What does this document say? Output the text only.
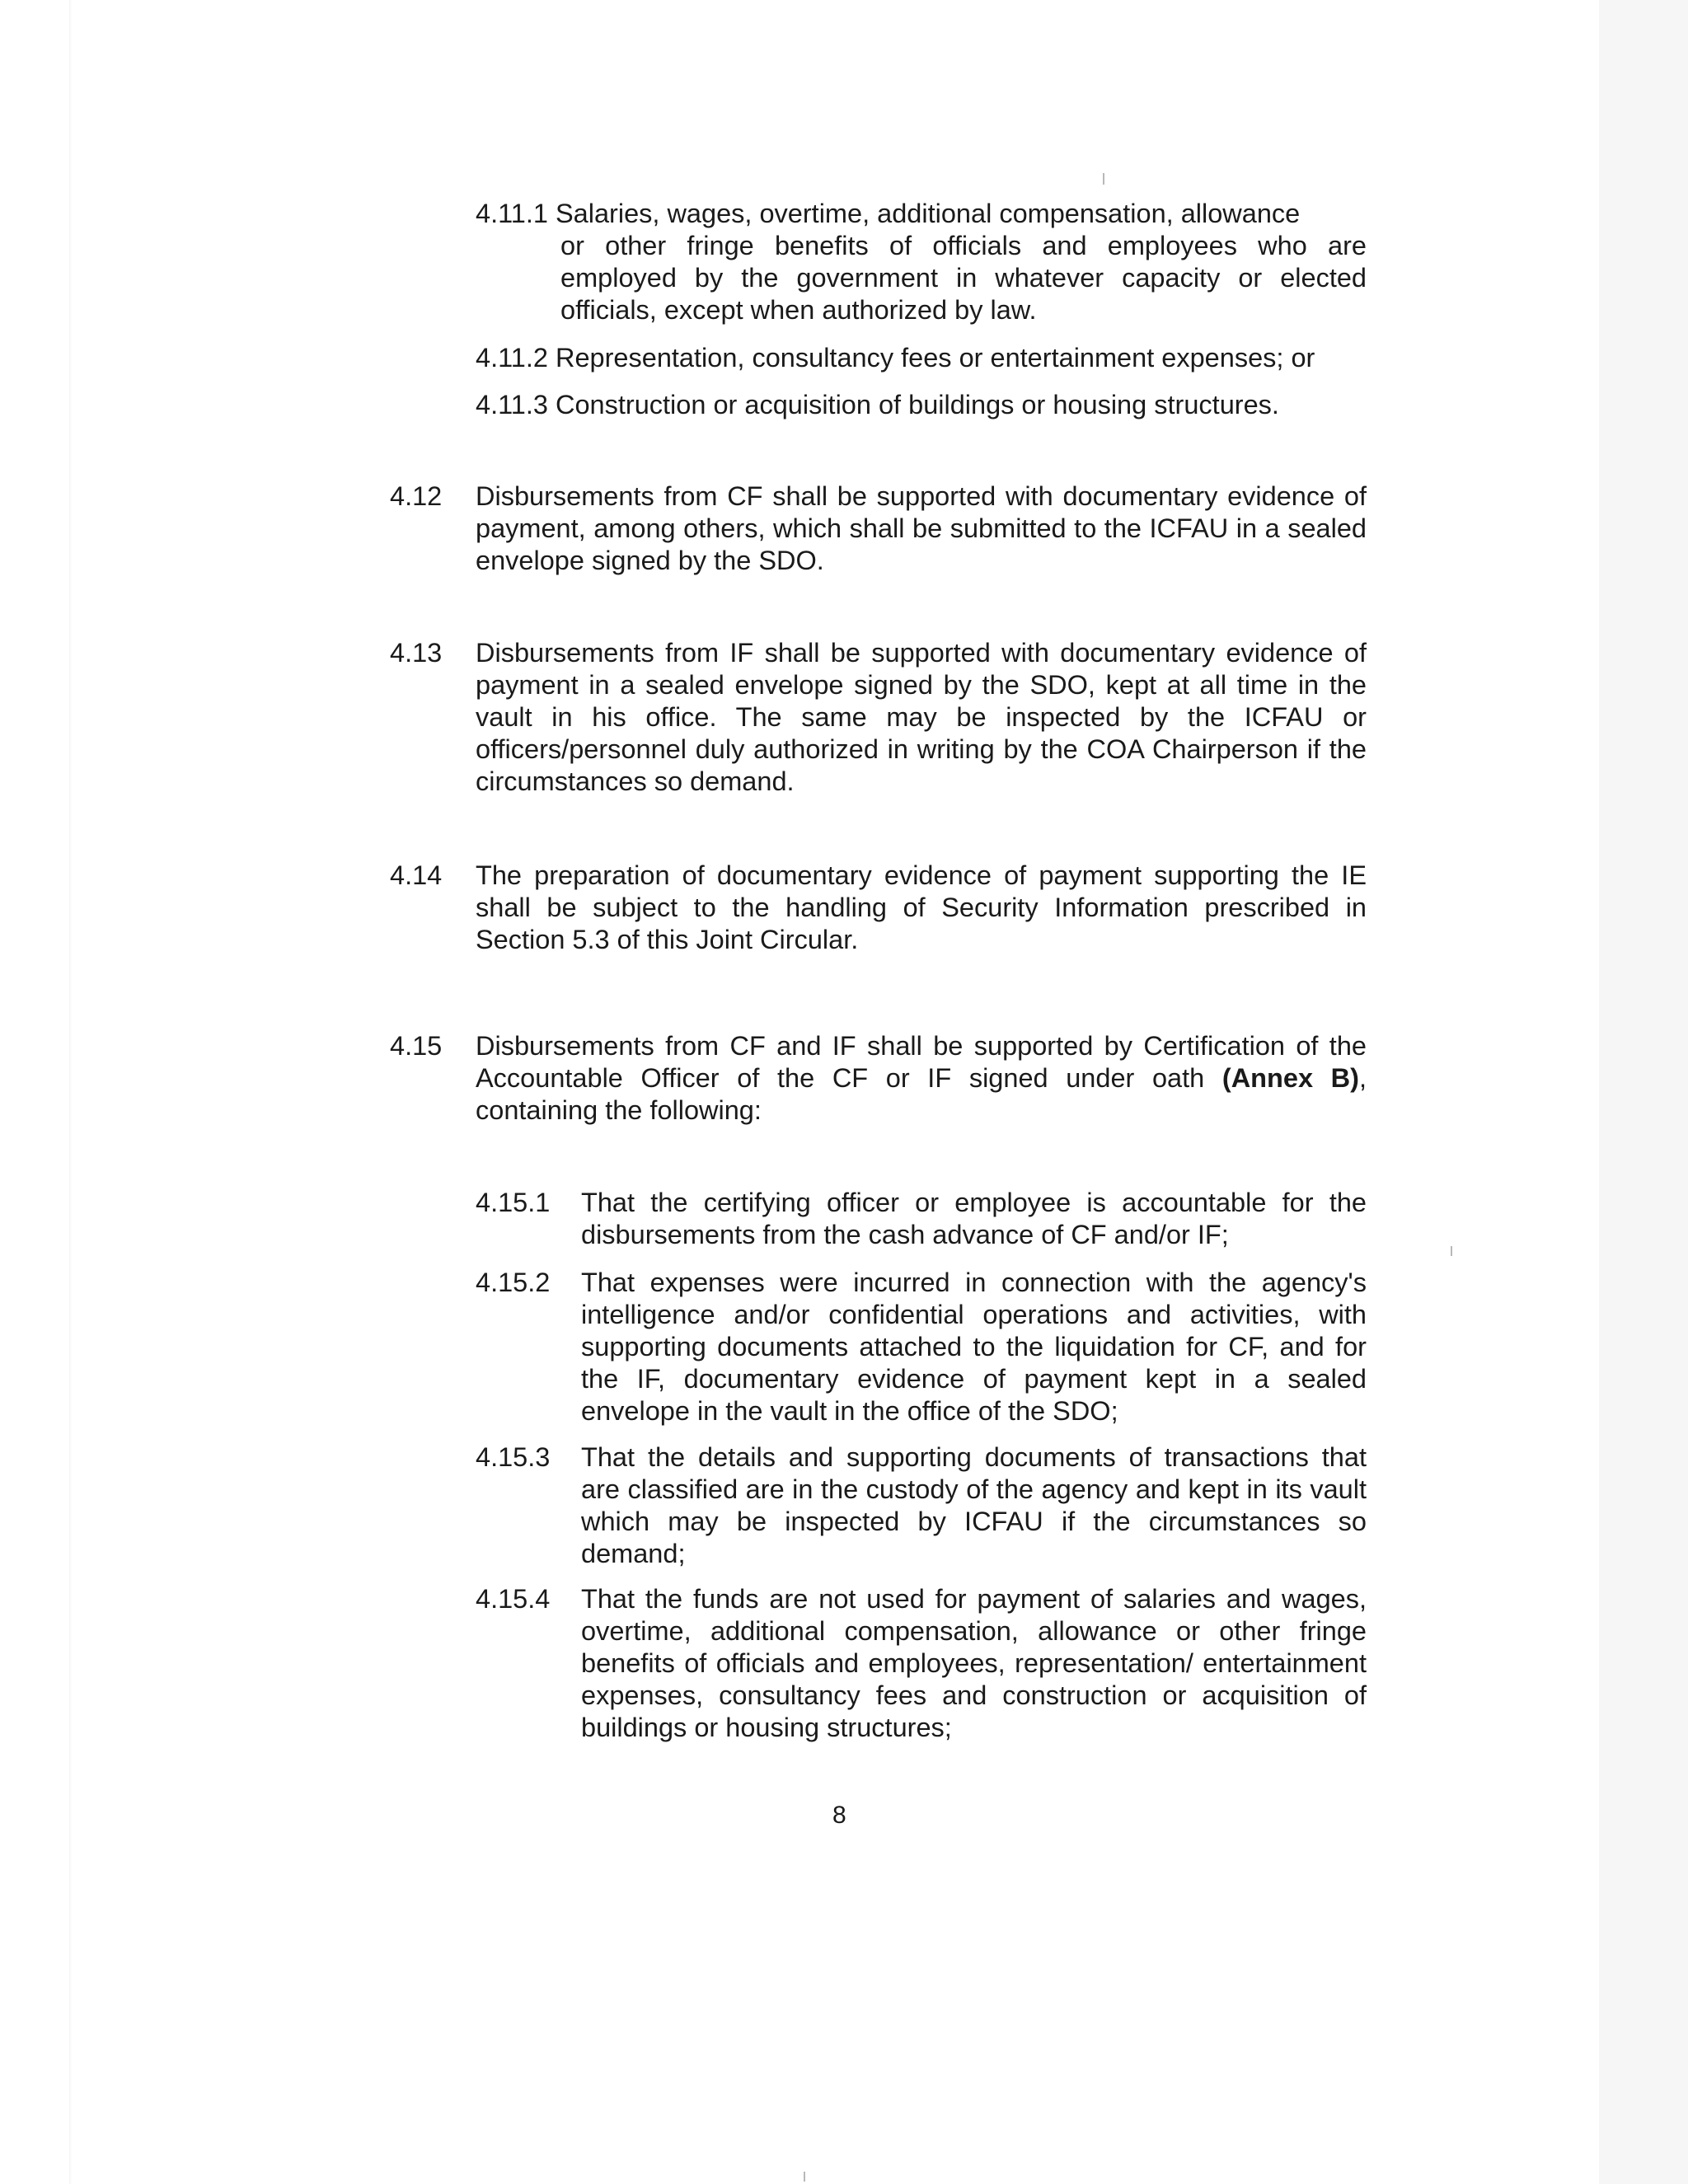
4.11.1 Salaries, wages, overtime, additional compensation, allowance
or other fringe benefits of officials and employees who are employed by the government in whatever capacity or elected officials, except when authorized by law.
4.11.2 Representation, consultancy fees or entertainment expenses; or
4.11.3 Construction or acquisition of buildings or housing structures.
4.12 Disbursements from CF shall be supported with documentary evidence of payment, among others, which shall be submitted to the ICFAU in a sealed envelope signed by the SDO.
4.13 Disbursements from IF shall be supported with documentary evidence of payment in a sealed envelope signed by the SDO, kept at all time in the vault in his office. The same may be inspected by the ICFAU or officers/personnel duly authorized in writing by the COA Chairperson if the circumstances so demand.
4.14 The preparation of documentary evidence of payment supporting the IE shall be subject to the handling of Security Information prescribed in Section 5.3 of this Joint Circular.
4.15 Disbursements from CF and IF shall be supported by Certification of the Accountable Officer of the CF or IF signed under oath (Annex B), containing the following:
4.15.1 That the certifying officer or employee is accountable for the disbursements from the cash advance of CF and/or IF;
4.15.2 That expenses were incurred in connection with the agency's intelligence and/or confidential operations and activities, with supporting documents attached to the liquidation for CF, and for the IF, documentary evidence of payment kept in a sealed envelope in the vault in the office of the SDO;
4.15.3 That the details and supporting documents of transactions that are classified are in the custody of the agency and kept in its vault which may be inspected by ICFAU if the circumstances so demand;
4.15.4 That the funds are not used for payment of salaries and wages, overtime, additional compensation, allowance or other fringe benefits of officials and employees, representation/ entertainment expenses, consultancy fees and construction or acquisition of buildings or housing structures;
8
